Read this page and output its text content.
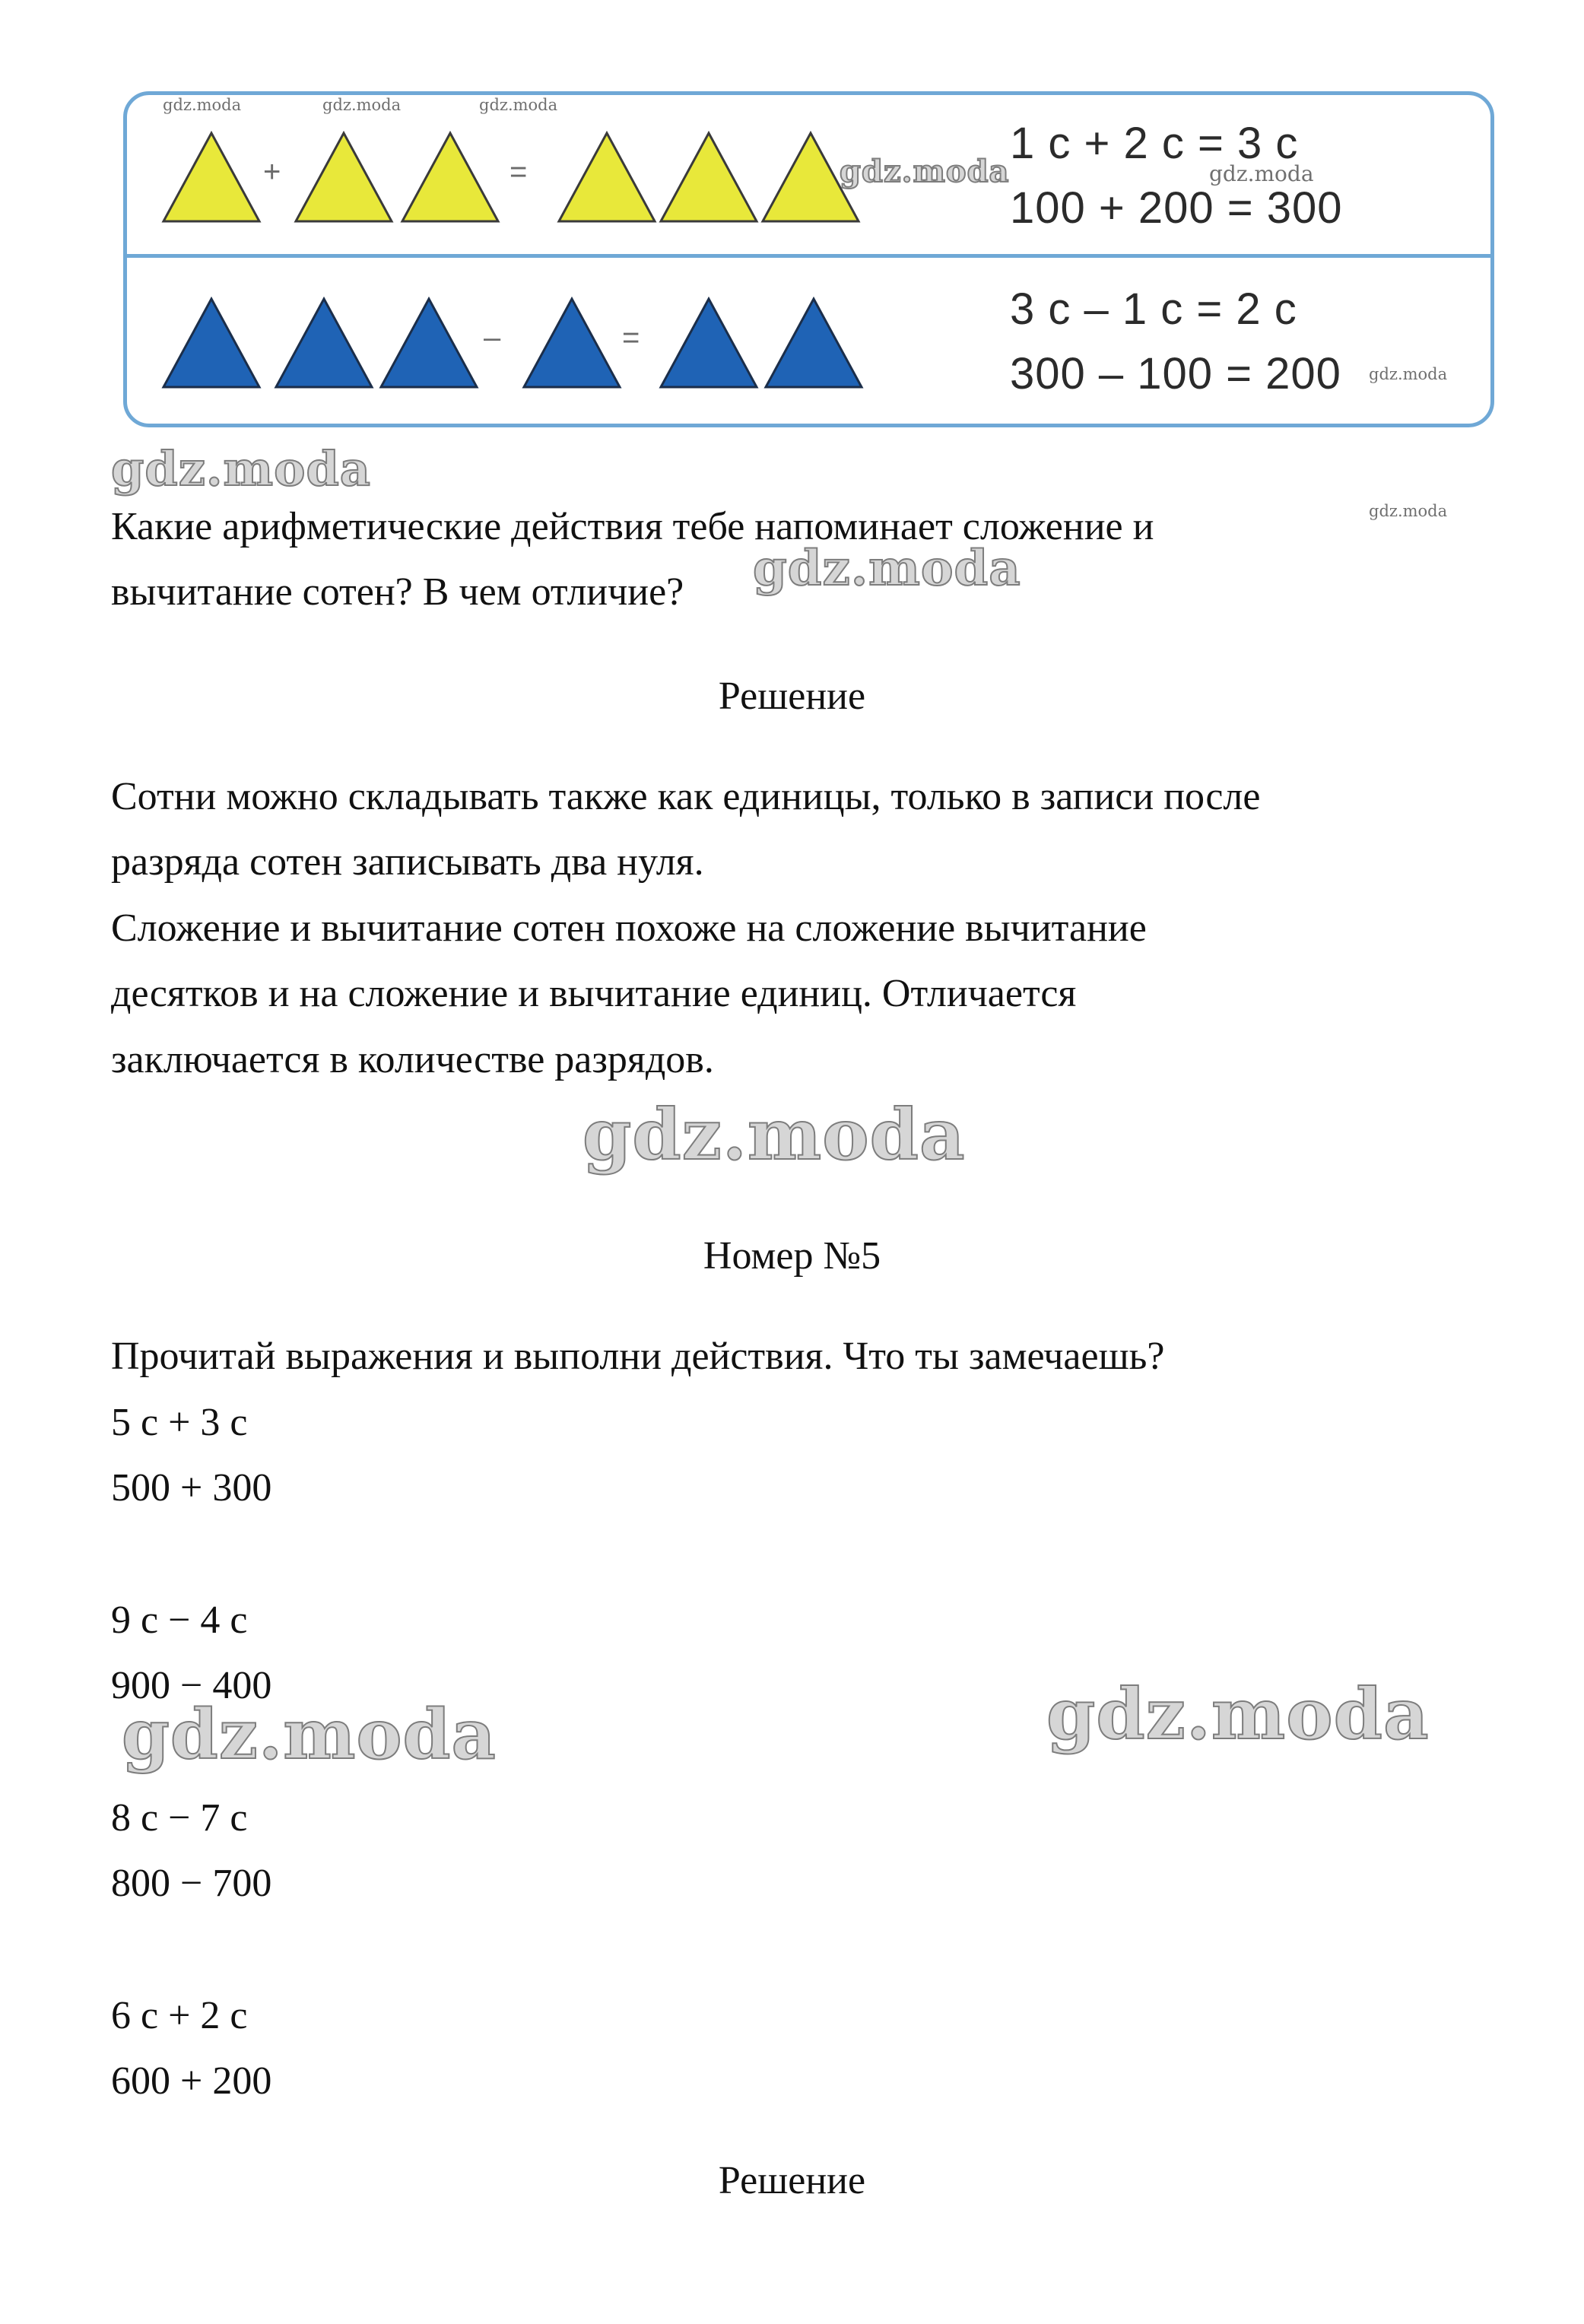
+	=
1 с + 2 с = 3 с
100 + 200 = 300
–	=
3 с – 1 с = 2 с
300 – 100 = 200
Какие арифметические действия тебе напоминает сложение и
вычитание сотен? В чем отличие?
Решение
Сотни можно складывать также как единицы, только в записи после
разряда сотен записывать два нуля.
Сложение и вычитание сотен похоже на сложение вычитание
десятков и на сложение и вычитание единиц. Отличается
заключается в количестве разрядов.
Номер №5
Прочитай выражения и выполни действия. Что ты замечаешь?
5 с + 3 с
500 + 300
9 с − 4 с
900 − 400
8 с − 7 с
800 − 700
6 с + 2 с
600 + 200
Решение
gdz.moda	gdz.moda	gdz.moda
gdz.moda
gdz.moda
gdz.moda
gdz.moda
gdz.moda
gdz.moda
gdz.moda
gdz.moda
gdz.moda
